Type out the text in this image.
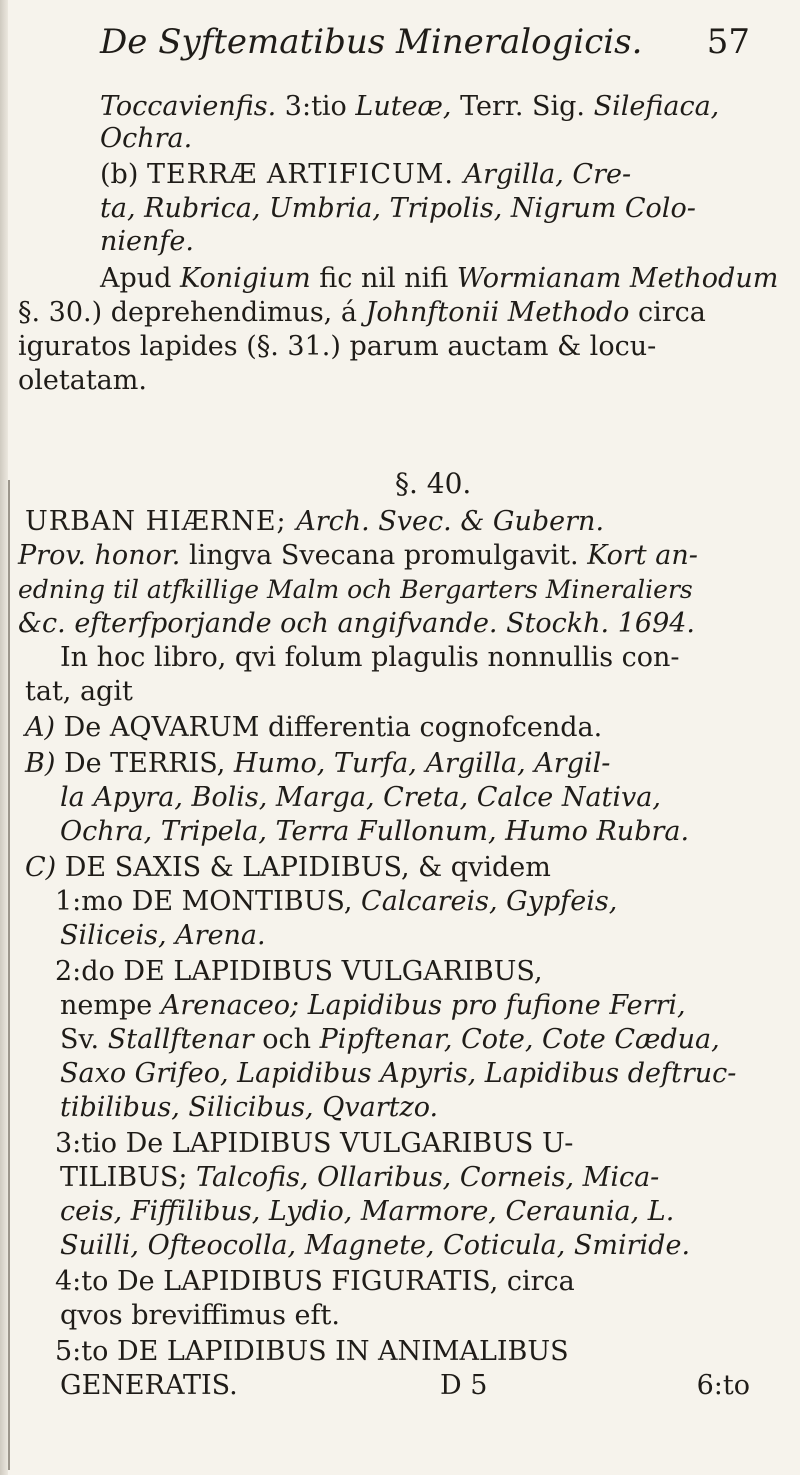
De Syftematibus Mineralogicis. 57
Toccavienfis. 3:tio Luteæ, Terr. Sig. Silefiaca,
Ochra.
(b) TERRÆ ARTIFICUM. Argilla, Cre-
ta, Rubrica, Umbria, Tripolis, Nigrum Colo-
nienfe.
Apud Konigium fic nil nifi Wormianam Methodum
§. 30.) deprehendimus, á Johnftonii Methodo circa
iguratos lapides (§. 31.) parum auctam & locu-
oletatam.
§. 40.
URBAN HIÆRNE; Arch. Svec. & Gubern.
Prov. honor. lingva Svecana promulgavit. Kort an-
edning til atfkillige Malm och Bergarters Mineraliers
&c. efterfporjande och angifvande. Stockh. 1694.
In hoc libro, qvi folum plagulis nonnullis con-
tat, agit
A) De AQVARUM differentia cognofcenda.
B) De TERRIS, Humo, Turfa, Argilla, Argil-
la Apyra, Bolis, Marga, Creta, Calce Nativa,
Ochra, Tripela, Terra Fullonum, Humo Rubra.
C) DE SAXIS & LAPIDIBUS, & qvidem
1:mo DE MONTIBUS, Calcareis, Gypfeis,
Siliceis, Arena.
2:do DE LAPIDIBUS VULGARIBUS,
nempe Arenaceo; Lapidibus pro fufione Ferri,
Sv. Stallftenar och Pipftenar, Cote, Cote Cædua,
Saxo Grifeo, Lapidibus Apyris, Lapidibus deftruc-
tibilibus, Silicibus, Qvartzo.
3:tio De LAPIDIBUS VULGARIBUS U-
TILIBUS; Talcofis, Ollaribus, Corneis, Mica-
ceis, Fiffilibus, Lydio, Marmore, Ceraunia, L.
Suilli, Ofteocolla, Magnete, Coticula, Smiride.
4:to De LAPIDIBUS FIGURATIS, circa
qvos breviffimus eft.
5:to DE LAPIDIBUS IN ANIMALIBUS
GENERATIS.	D 5	6:to
